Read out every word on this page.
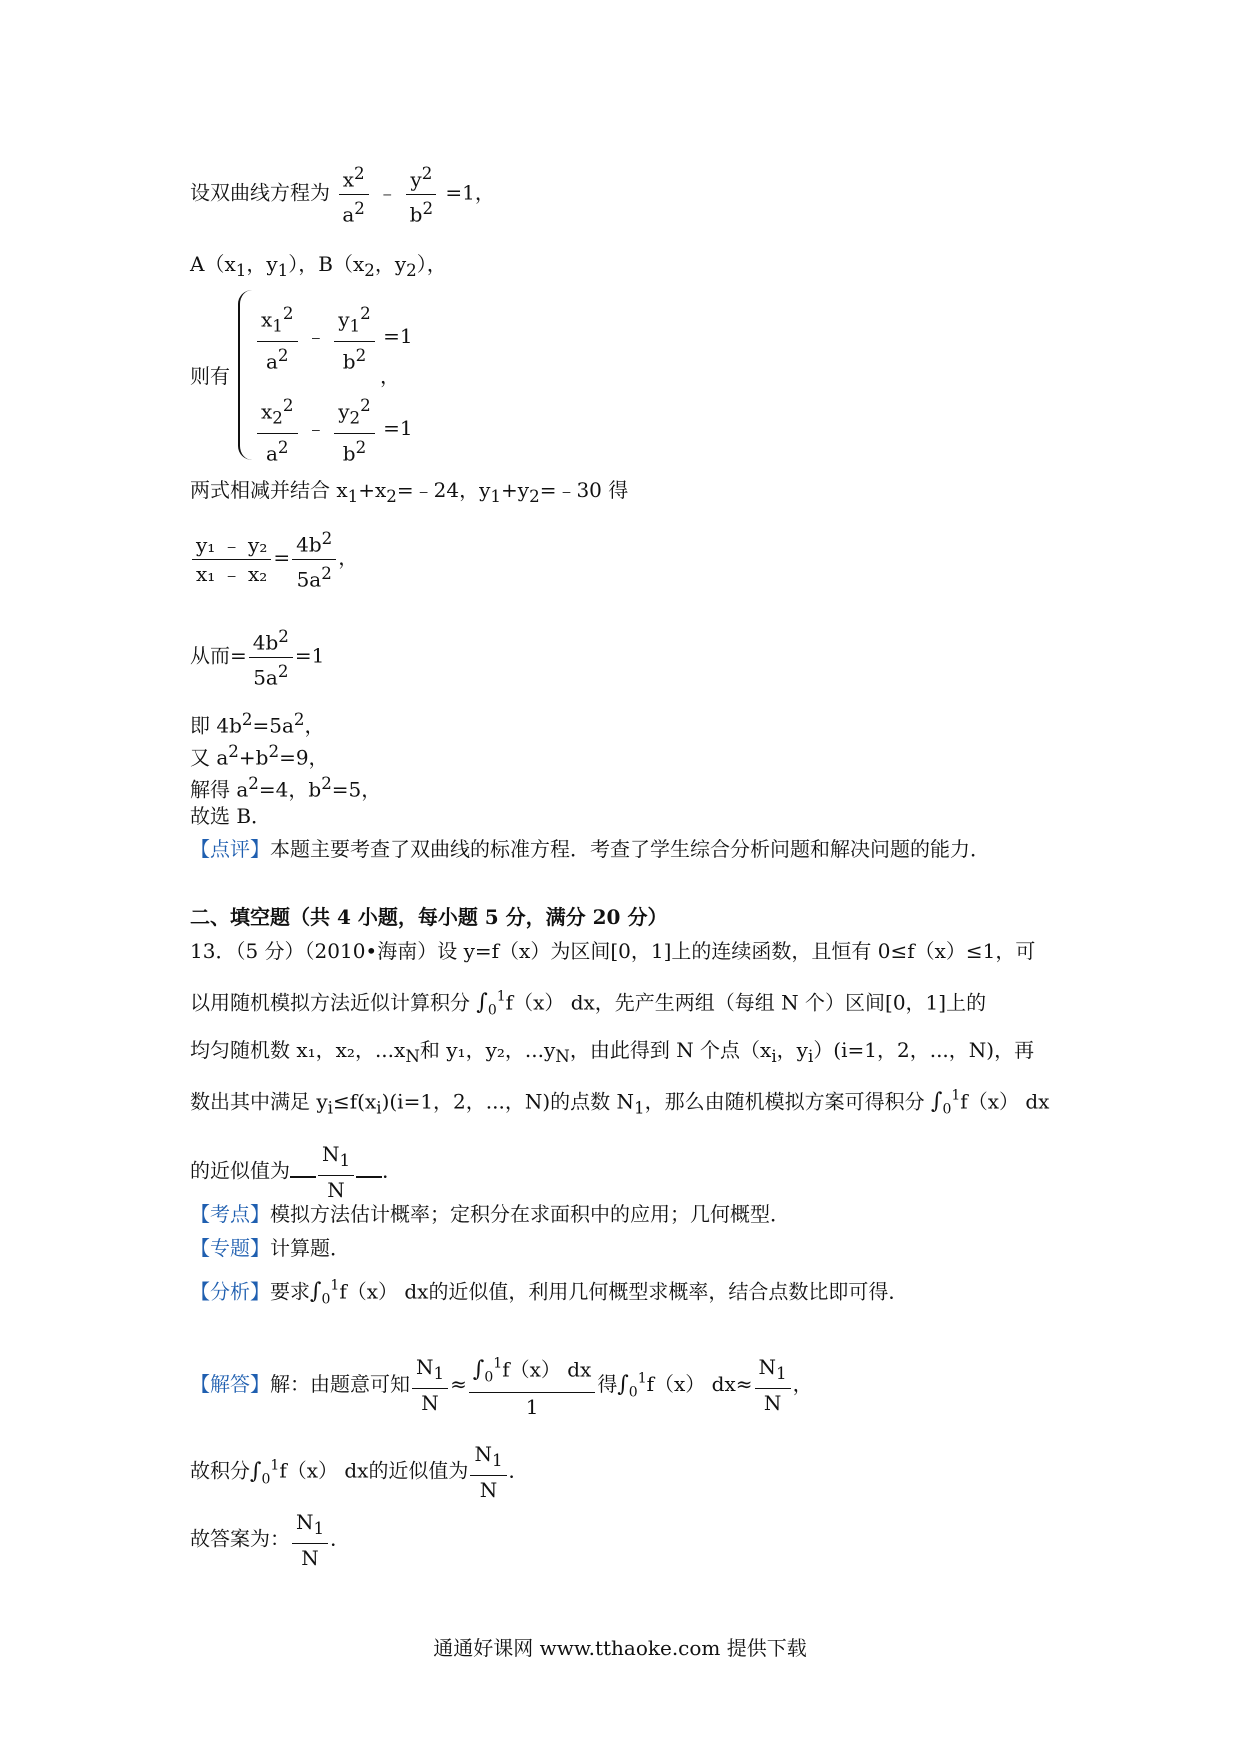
设双曲线方程为 $\frac{x^2}{a^2}$ ﹣ $\frac{y^2}{b^2} =1$，
$A(x_1$，$y_1$），$B(x_2$，$y_2$），
则有
$\frac{x_1^2}{a^2}$ ﹣ $\frac{y_1^2}{b^2} =1$
$\frac{x_2^2}{a^2}$ ﹣ $\frac{y_2^2}{b^2} =1$
，
两式相减并结合 $x_1+x_2=﹣24$，$y_1+y_2=﹣30$ 得
$\frac{\text{y₁ ﹣ y₂}}{\text{x₁ ﹣ x₂}} = \frac{4b^2}{5a^2}$ ，
从而= $\frac{4b^2}{5a^2} =1$
即 $4b^2=5a^2$，
又 $a^2+b^2=9$，
解得 $a^2=4$，$b^2=5$，
故选 B．
【点评】本题主要考查了双曲线的标准方程．考查了学生综合分析问题和解决问题的能力．
二、填空题（共 4 小题，每小题 5 分，满分 20 分）
13．（5 分）（2010•海南）设 y=f（x）为区间[0，1]上的连续函数，且恒有 0≤f（x）≤1，可
以用随机模拟方法近似计算积分 $\int_0^1f(x)$ dx，先产生两组（每组 N 个）区间[0，1]上的
均匀随机数 x₁，x₂，$...x_N$和 y₁，y₂，$...y_N$，由此得到 N 个点（$x_i$，$y_i)(i=1$，2，...，N)，再
数出其中满足 $y_i\le f(x_i)(i=1$，2，...，N)的点数 $N_1$，那么由随机模拟方案可得积分 $\int_0^1f(x)$ dx
的近似值为 $\frac{N_1}{N}$ ．
【考点】模拟方法估计概率；定积分在求面积中的应用；几何概型．
【专题】计算题．
【分析】要求$\int_0^1f(x)$ dx的近似值，利用几何概型求概率，结合点数比即可得．
【解答】解：由题意可知 $\frac{N_1}{N} \approx \frac{\int_0^1f(x) dx}{1}$ 得$\int_0^1f(x)$ $dx\approx \frac{N_1}{N}$ ，
故积分$\int_0^1f(x)$ dx的近似值为 $\frac{N_1}{N}$ ．
故答案为： $\frac{N_1}{N}$ ．
通通好课网 www.tthaoke.com 提供下载
